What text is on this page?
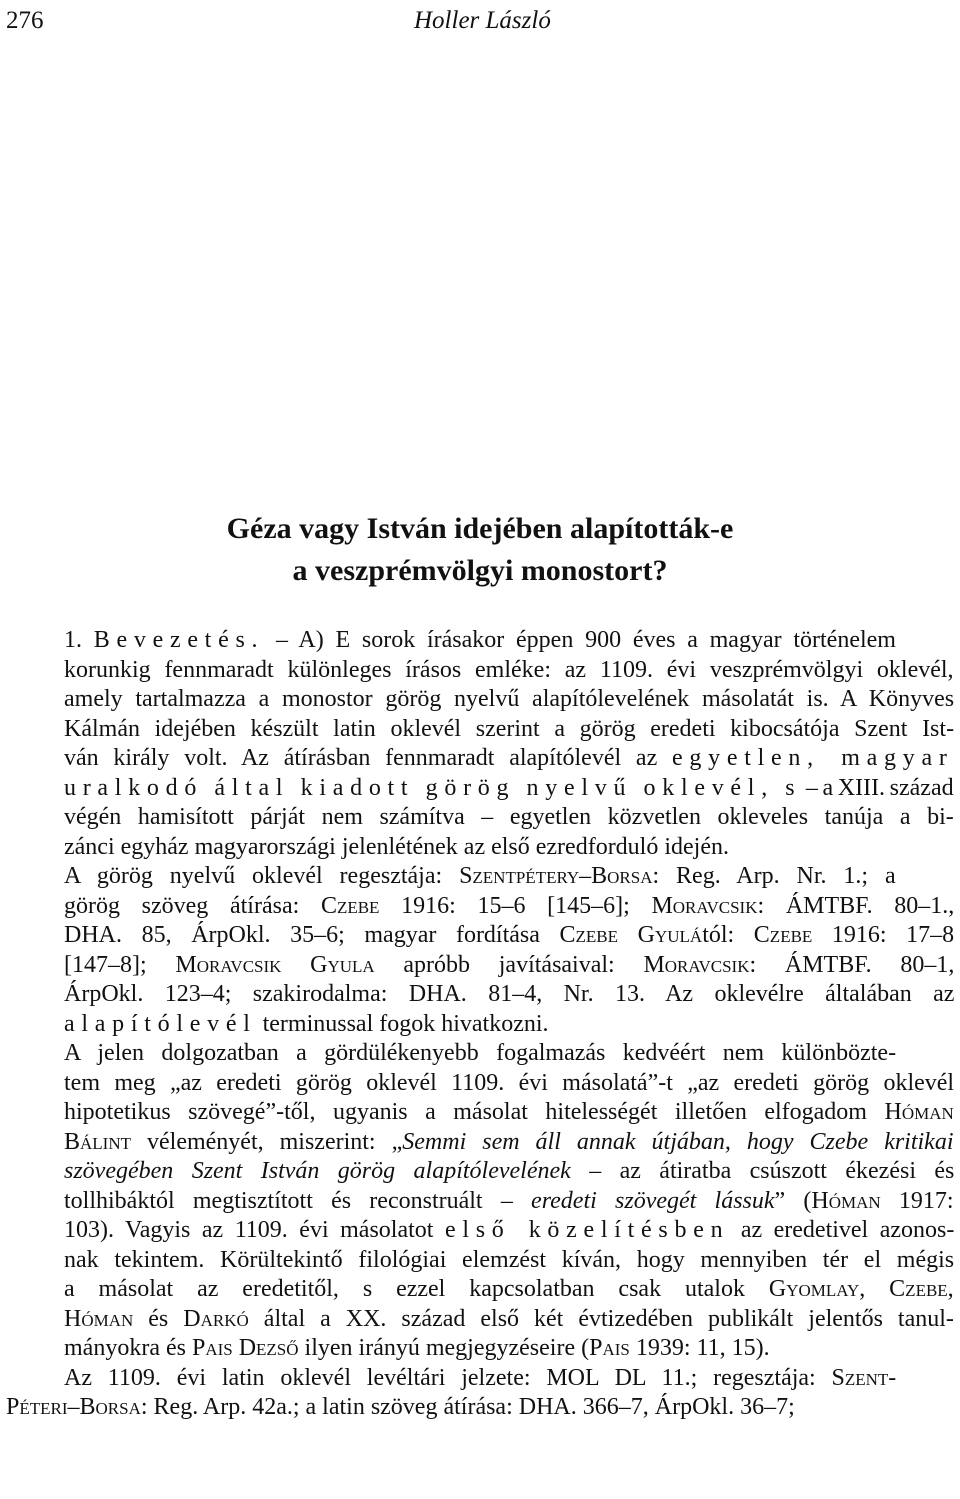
276	Holler László
Géza vagy István idejében alapították-e
a veszprémvölgyi monostort?

1. Bevezetés. – A) E sorok írásakor éppen 900 éves a magyar történelem
korunkig fennmaradt különleges írásos emléke: az 1109. évi veszprémvölgyi oklevél,
amely tartalmazza a monostor görög nyelvű alapítólevelének másolatát is. A Könyves
Kálmán idejében készült latin oklevél szerint a görög eredeti kibocsátója Szent Ist-
ván király volt. Az átírásban fennmaradt alapítólevél az egyetlen, magyar
uralkodó által kiadott görög nyelvű oklevél, s – a XIII. század
végén hamisított párját nem számítva – egyetlen közvetlen okleveles tanúja a bi-
zánci egyház magyarországi jelenlétének az első ezredforduló idején.

A görög nyelvű oklevél regesztája: Szentpétery–Borsa: Reg. Arp. Nr. 1.; a
görög szöveg átírása: Czebe 1916: 15–6 [145–6]; Moravcsik: ÁMTBF. 80–1.,
DHA. 85, ÁrpOkl. 35–6; magyar fordítása Czebe Gyulától: Czebe 1916: 17–8
[147–8]; Moravcsik Gyula apróbb javításaival: Moravcsik: ÁMTBF. 80–1,
ÁrpOkl. 123–4; szakirodalma: DHA. 81–4, Nr. 13. Az oklevélre általában az
alapítólevél terminussal fogok hivatkozni.

A jelen dolgozatban a gördülékenyebb fogalmazás kedvéért nem különbözte-
tem meg „az eredeti görög oklevél 1109. évi másolatá”-t „az eredeti görög oklevél
hipotetikus szövegé”-től, ugyanis a másolat hitelességét illetően elfogadom Hóman
Bálint véleményét, miszerint: „Semmi sem áll annak útjában, hogy Czebe kritikai
szövegében Szent István görög alapítólevelének – az átiratba csúszott ékezési és
tollhibáktól megtisztított és reconstruált – eredeti szövegét lássuk” (Hóman 1917:
103). Vagyis az 1109. évi másolatot első közelítésben az eredetivel azonos-
nak tekintem. Körültekintő filológiai elemzést kíván, hogy mennyiben tér el mégis
a másolat az eredetitől, s ezzel kapcsolatban csak utalok Gyomlay, Czebe,
Hóman és Darkó által a XX. század első két évtizedében publikált jelentős tanul-
mányokra és Pais Dezső ilyen irányú megjegyzéseire (Pais 1939: 11, 15).

Az 1109. évi latin oklevél levéltári jelzete: MOL DL 11.; regesztája: Szent-
Péteri–Borsa: Reg. Arp. 42a.; a latin szöveg átírása: DHA. 366–7, ÁrpOkl. 36–7;
